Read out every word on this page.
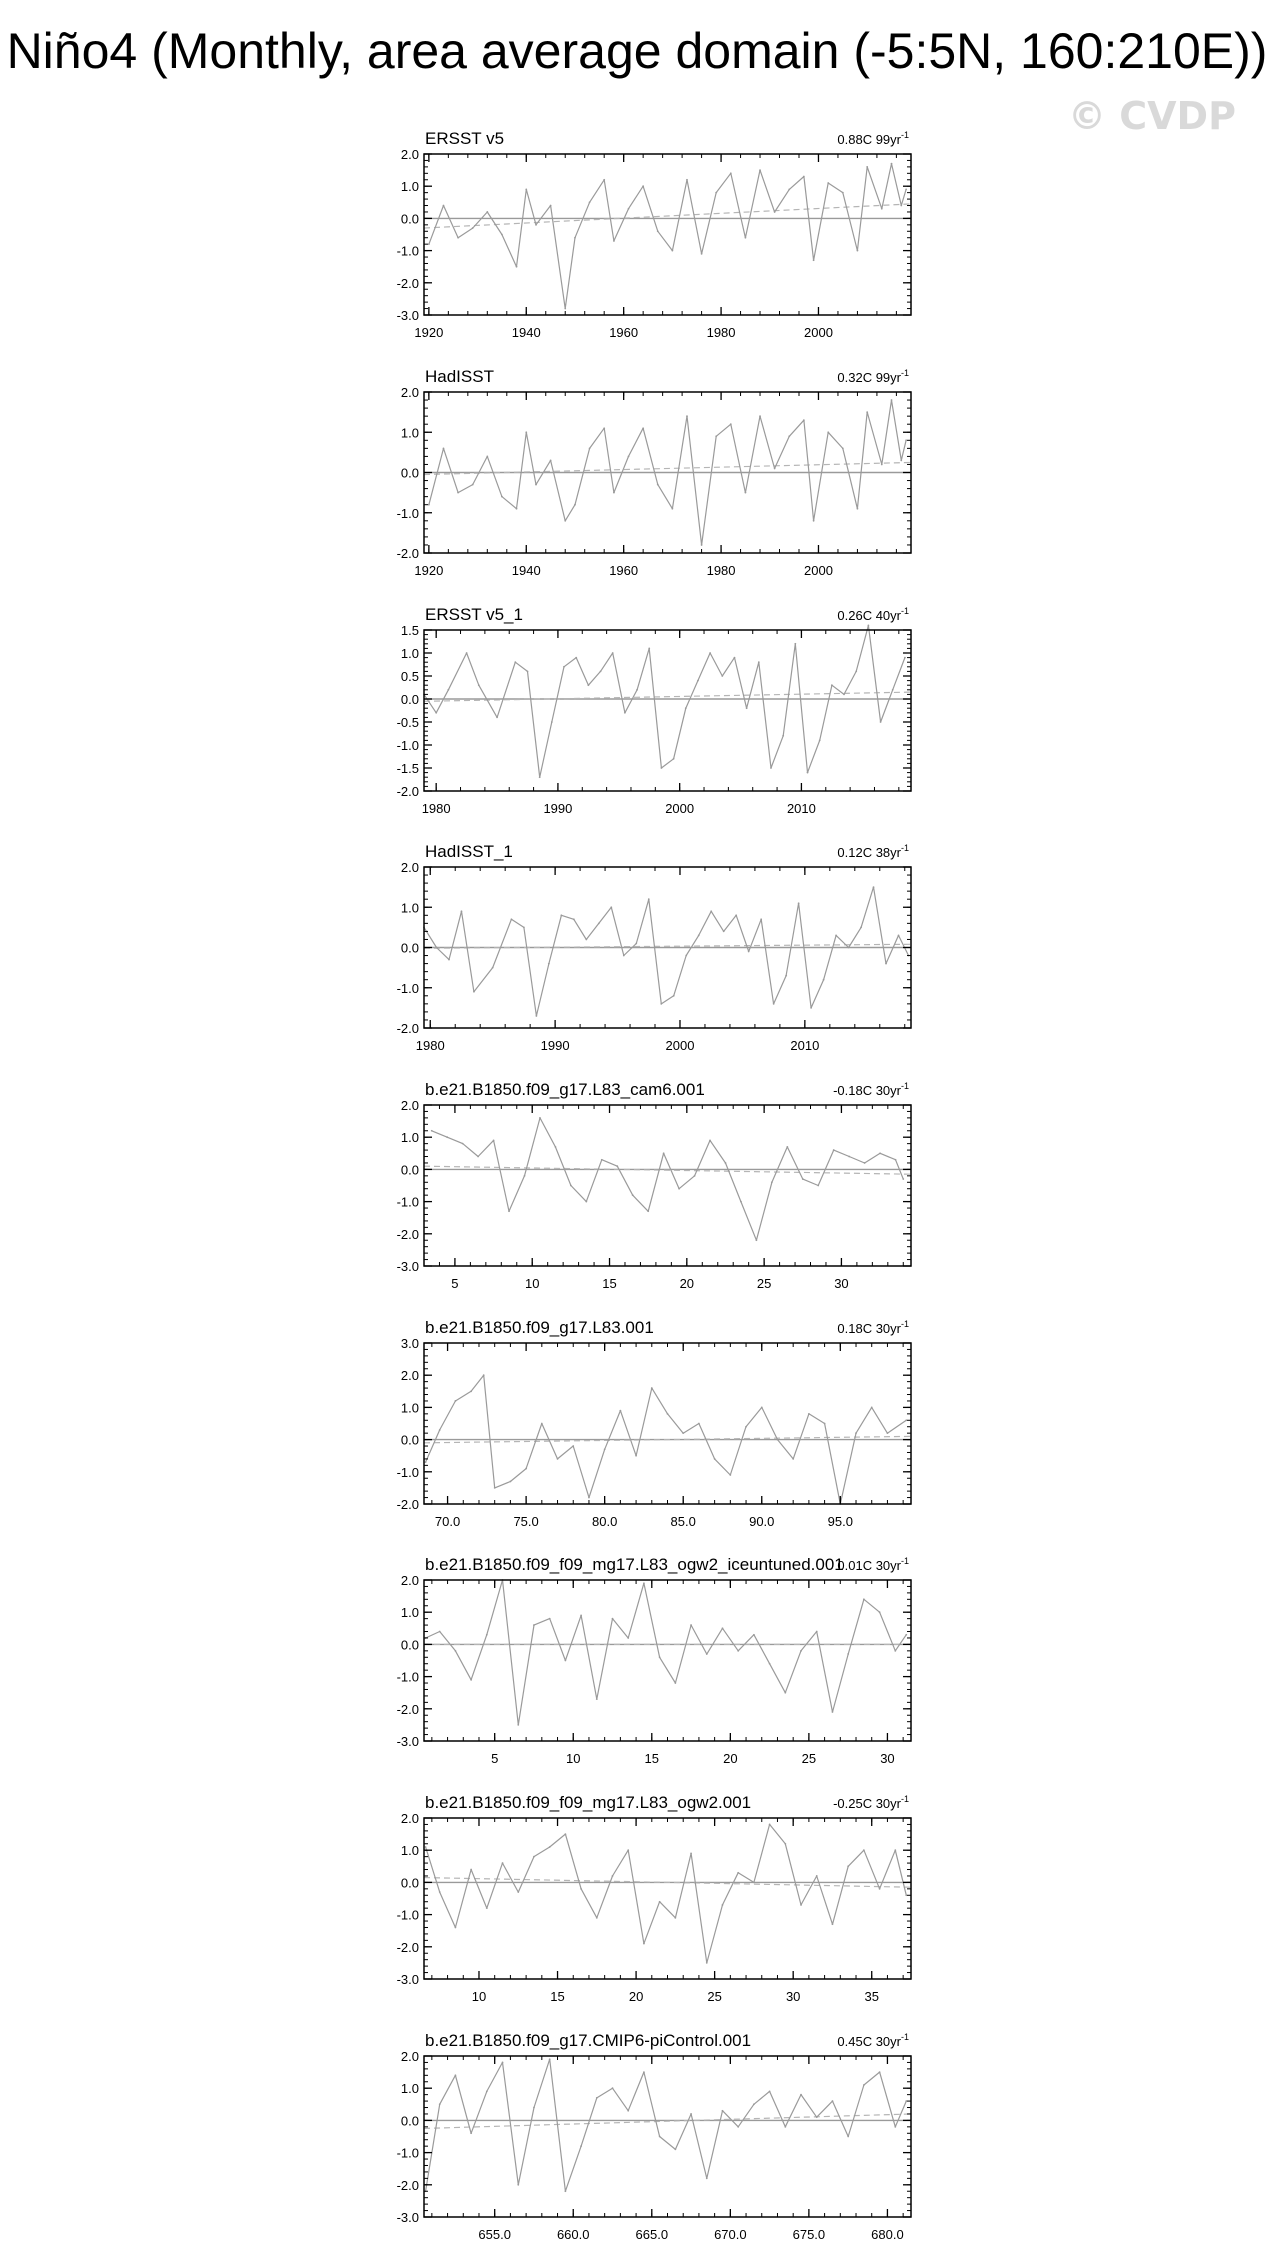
Niño4 (Monthly, area average domain (-5:5N, 160:210E))
© CVDP
2.0
1.0
0.0
-1.0
-2.0
-3.0
1920	1940	1960	1980	2000
ERSST v5	0.88C $99yr^{-1}$
2.0
1.0
0.0
-1.0
-2.0
1920	1940	1960	1980	2000
HadISST	0.32C $99yr^{-1}$
1.5
1.0
0.5
0.0
-0.5
-1.0
-1.5
-2.0
1980	1990	2000	2010
ERSST v5_1	0.26C $40yr^{-1}$
2.0
1.0
0.0
-1.0
-2.0
1980	1990	2000	2010
HadISST_1	0.12C $38yr^{-1}$
2.0
1.0
0.0
-1.0
-2.0
-3.0
5	10	15	20	25	30
b.e21.B1850.f09_g17.L83_cam6.001	-0.18C $30yr^{-1}$
3.0
2.0
1.0
0.0
-1.0
-2.0
70.0	75.0	80.0	85.0	90.0	95.0
b.e21.B1850.f09_g17.L83.001	0.18C $30yr^{-1}$
2.0
1.0
0.0
-1.0
-2.0
-3.0
5	10	15	20	25	30
b.e21.B1850.f09_f09_mg17.L83_ogw2_iceuntuned.001
0.01C $30yr^{-1}$
2.0
1.0
0.0
-1.0
-2.0
-3.0
10	15	20	25	30	35
b.e21.B1850.f09_f09_mg17.L83_ogw2.001	-0.25C $30yr^{-1}$
2.0
1.0
0.0
-1.0
-2.0
-3.0
655.0	660.0	665.0	670.0	675.0	680.0
b.e21.B1850.f09_g17.CMIP6-piControl.001	0.45C $30yr^{-1}$
